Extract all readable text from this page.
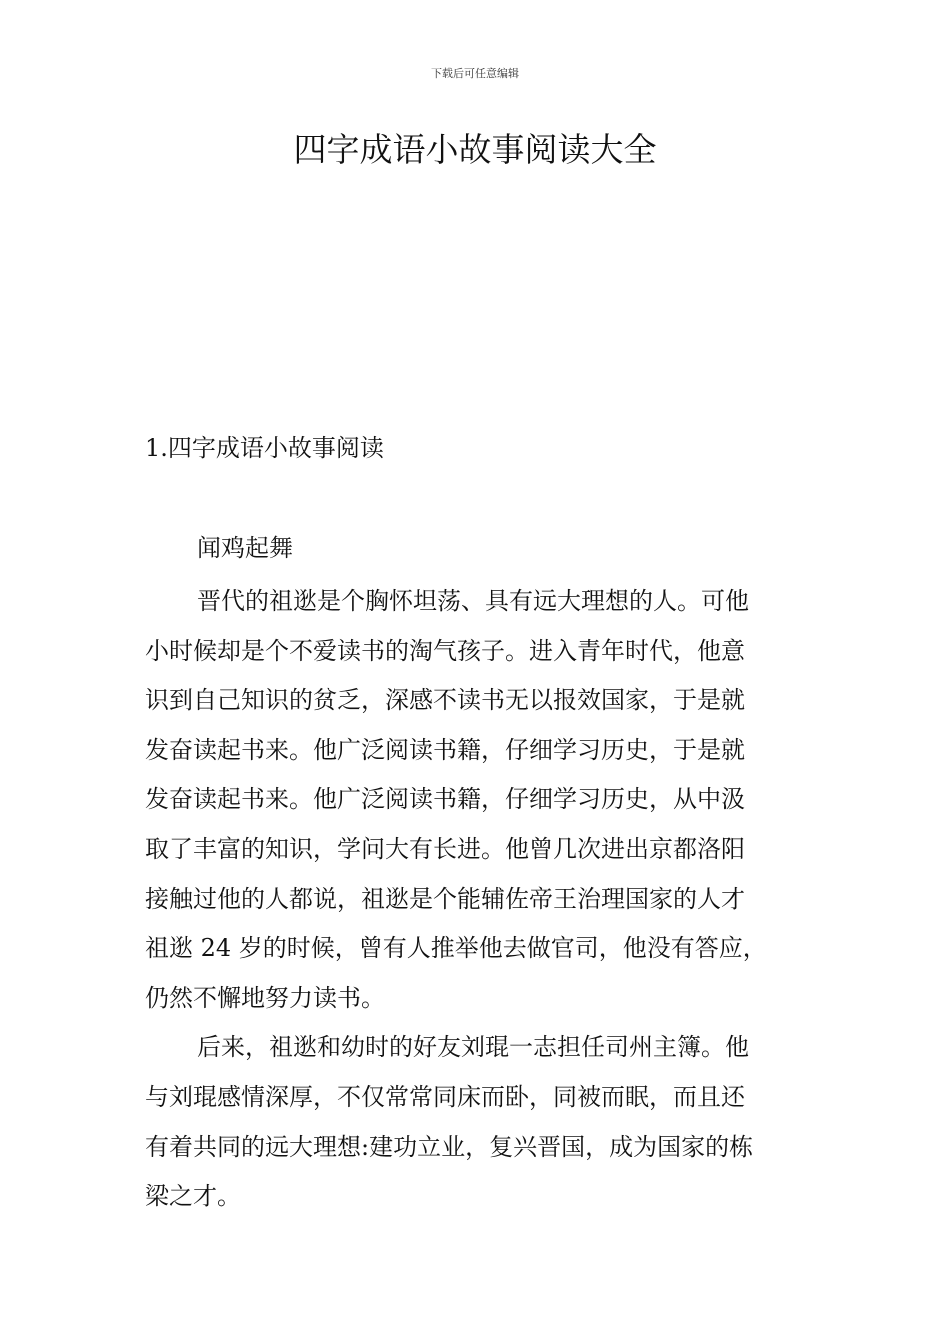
下载后可任意编辑
四字成语小故事阅读大全
1.四字成语小故事阅读
闻鸡起舞
晋代的祖逖是个胸怀坦荡、具有远大理想的人。可他
小时候却是个不爱读书的淘气孩子。进入青年时代，他意
识到自己知识的贫乏，深感不读书无以报效国家，于是就
发奋读起书来。他广泛阅读书籍，仔细学习历史，于是就
发奋读起书来。他广泛阅读书籍，仔细学习历史，从中汲
取了丰富的知识，学问大有长进。他曾几次进出京都洛阳
接触过他的人都说，祖逖是个能辅佐帝王治理国家的人才
祖逖 24 岁的时候，曾有人推举他去做官司，他没有答应，
仍然不懈地努力读书。
后来，祖逖和幼时的好友刘琨一志担任司州主簿。他
与刘琨感情深厚，不仅常常同床而卧，同被而眠，而且还
有着共同的远大理想:建功立业，复兴晋国，成为国家的栋
梁之才。
